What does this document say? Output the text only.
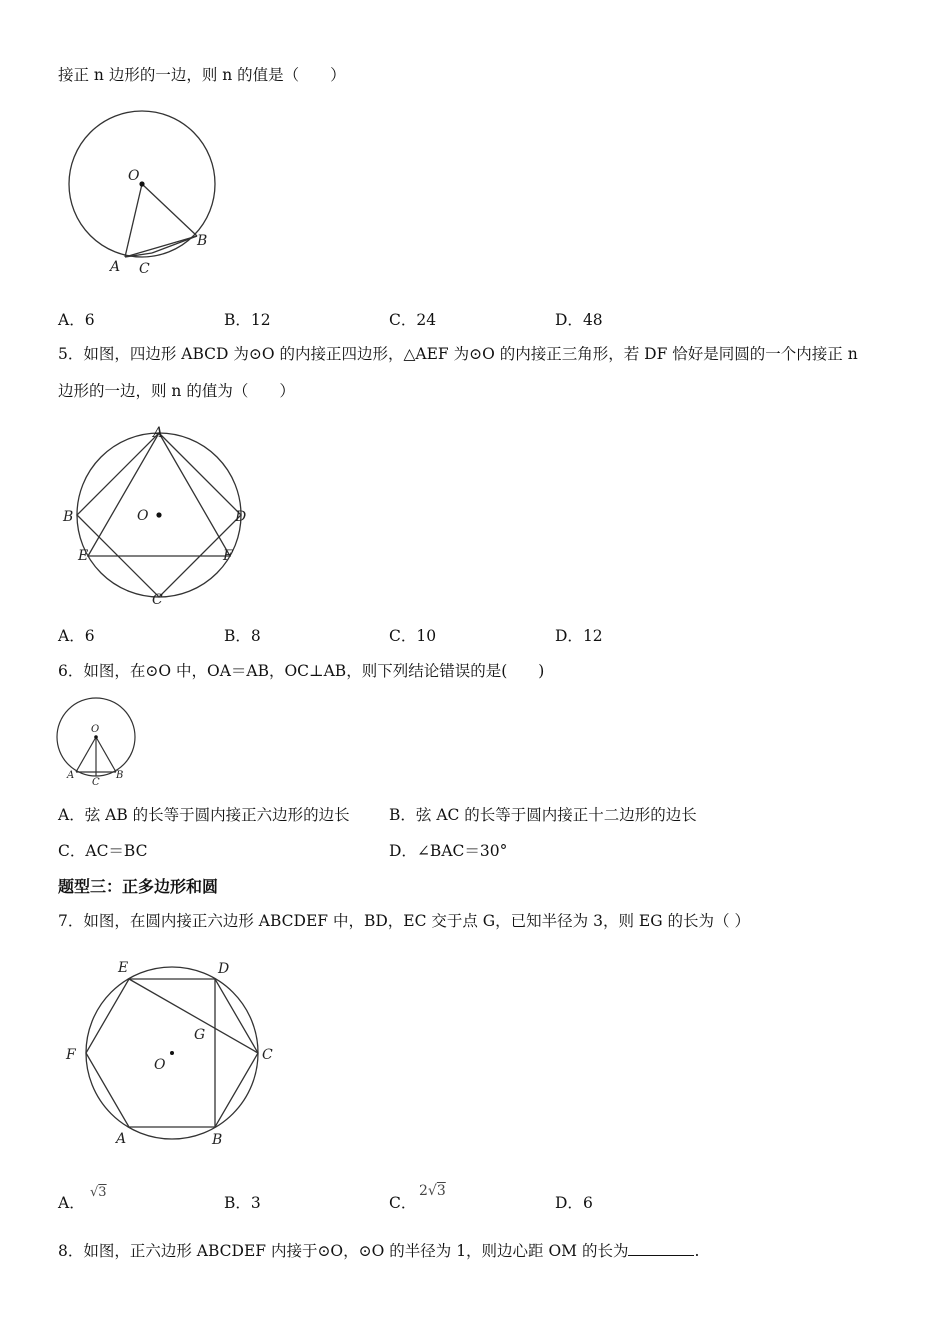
接正 n 边形的一边，则 n 的值是（　　）
O
A C
B
A．6	B．12	C．24	D．48
5．如图，四边形 ABCD 为⊙O 的内接正四边形，△AEF 为⊙O 的内接正三角形，若 DF 恰好是同圆的一个内接正 n
边形的一边，则 n 的值为（　　）
A
B	O	D
E	F
C
A．6	B．8	C．10	D．12
6．如图，在⊙O 中，OA＝AB，OC⊥AB，则下列结论错误的是(　　)
O
A
C
B
A．弦 AB 的长等于圆内接正六边形的边长	B．弦 AC 的长等于圆内接正十二边形的边长
C．AC＝BC	D．∠BAC＝30°
题型三：正多边形和圆
7．如图，在圆内接正六边形 ABCDEF 中，BD，EC 交于点 G，已知半径为 3，则 EG 的长为（ ）
E	D
G
F
O
C
A	B
A．
√3
B．3	C．
2√3
D．6
8．如图，正六边形 ABCDEF 内接于⊙O，⊙O 的半径为 1，则边心距 OM 的长为	.
